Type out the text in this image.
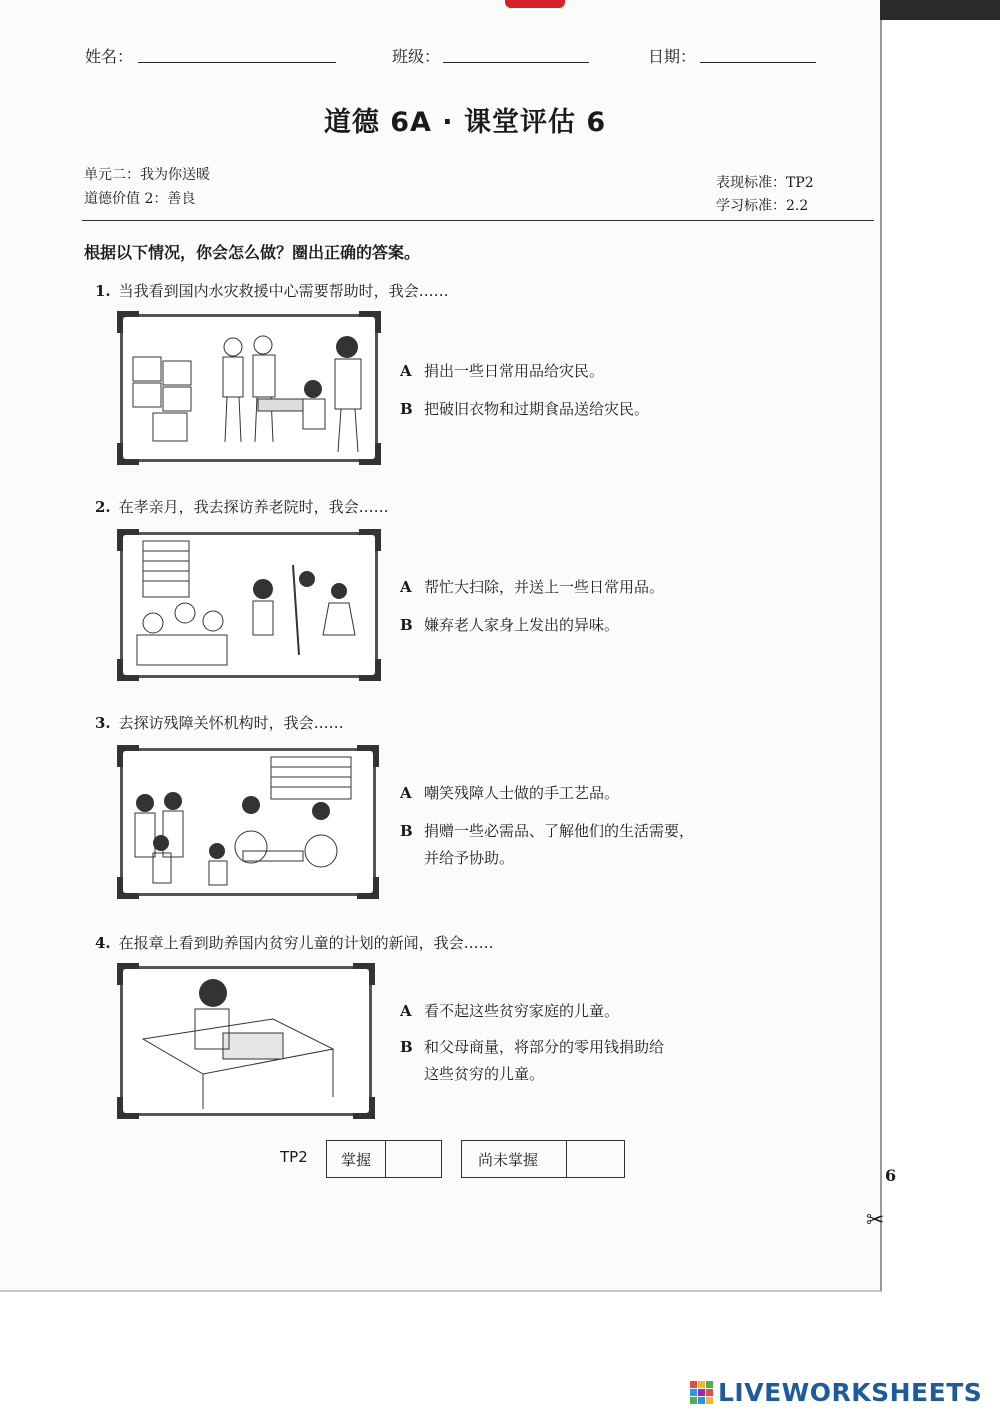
姓名：	班级：	日期：
道德 6A · 课堂评估 6
单元二：我为你送暖
道德价值 2：善良
表现标准：TP2
学习标准：2.2
根据以下情况，你会怎么做？圈出正确的答案。
1. 当我看到国内水灾救援中心需要帮助时，我会……
A 捐出一些日常用品给灾民。
B 把破旧衣物和过期食品送给灾民。
2. 在孝亲月，我去探访养老院时，我会……
A 帮忙大扫除，并送上一些日常用品。
B 嫌弃老人家身上发出的异味。
3. 去探访残障关怀机构时，我会……
A 嘲笑残障人士做的手工艺品。
B 捐赠一些必需品、了解他们的生活需要，
并给予协助。
4. 在报章上看到助养国内贫穷儿童的计划的新闻，我会……
A 看不起这些贫穷家庭的儿童。
B 和父母商量，将部分的零用钱捐助给
这些贫穷的儿童。
TP2 掌握	尚未掌握
6
✂
LIVEWORKSHEETS
